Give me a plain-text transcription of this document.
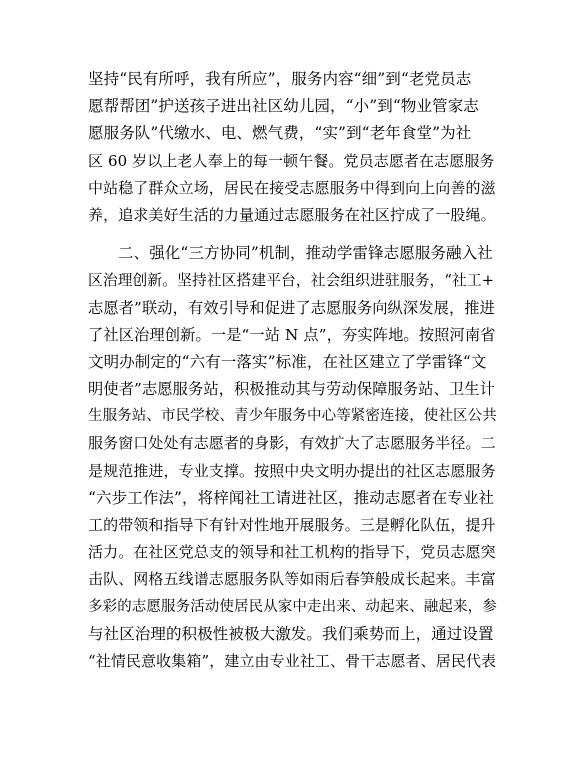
坚持“民有所呼，我有所应”，服务内容“细”到“老党员志
愿帮帮团”护送孩子进出社区幼儿园，“小”到“物业管家志
愿服务队”代缴水、电、燃气费，“实”到“老年食堂”为社
区 60 岁以上老人奉上的每一顿午餐。党员志愿者在志愿服务
中站稳了群众立场，居民在接受志愿服务中得到向上向善的滋
养，追求美好生活的力量通过志愿服务在社区拧成了一股绳。
二、强化“三方协同”机制，推动学雷锋志愿服务融入社
区治理创新。坚持社区搭建平台，社会组织进驻服务，“社工+
志愿者”联动，有效引导和促进了志愿服务向纵深发展，推进
了社区治理创新。一是“一站 N 点”，夯实阵地。按照河南省
文明办制定的“六有一落实”标准，在社区建立了学雷锋“文
明使者”志愿服务站，积极推动其与劳动保障服务站、卫生计
生服务站、市民学校、青少年服务中心等紧密连接，使社区公共
服务窗口处处有志愿者的身影，有效扩大了志愿服务半径。二
是规范推进，专业支撑。按照中央文明办提出的社区志愿服务
“六步工作法”，将梓闻社工请进社区，推动志愿者在专业社
工的带领和指导下有针对性地开展服务。三是孵化队伍，提升
活力。在社区党总支的领导和社工机构的指导下，党员志愿突
击队、网格五线谱志愿服务队等如雨后春笋般成长起来。丰富
多彩的志愿服务活动使居民从家中走出来、动起来、融起来，参
与社区治理的积极性被极大激发。我们乘势而上，通过设置
“社情民意收集箱”，建立由专业社工、骨干志愿者、居民代表
